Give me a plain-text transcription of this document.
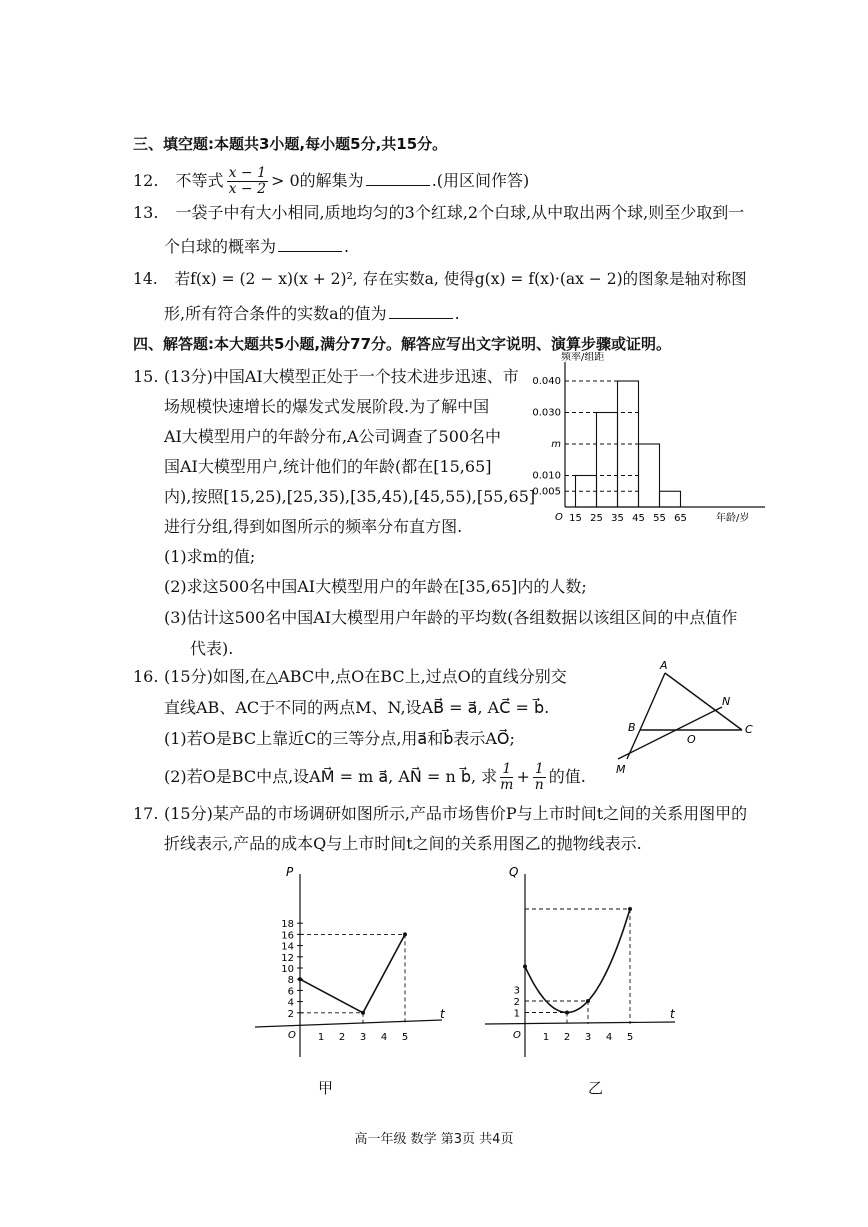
三、填空题:本题共3小题,每小题5分,共15分。
12. 不等式 $\frac{x - 1}{x - 2} > 0$的解集为	.(用区间作答)
13. 一袋子中有大小相同,质地均匀的3个红球,2个白球,从中取出两个球,则至少取到一
个白球的概率为	.
14. 若f(x) = (2 − x)(x + 2)², 存在实数a, 使得g(x) = f(x)·(ax − 2)的图象是轴对称图
形,所有符合条件的实数a的值为	.
四、解答题:本大题共5小题,满分77分。解答应写出文字说明、演算步骤或证明。
15. (13分)中国AI大模型正处于一个技术进步迅速、市
场规模快速增长的爆发式发展阶段.为了解中国
AI大模型用户的年龄分布,A公司调查了500名中
国AI大模型用户,统计他们的年龄(都在[15,65]
内),按照[15,25),[25,35),[35,45),[45,55),[55,65]
进行分组,得到如图所示的频率分布直方图.
(1)求m的值;
(2)求这500名中国AI大模型用户的年龄在[35,65]内的人数;
(3)估计这500名中国AI大模型用户年龄的平均数(各组数据以该组区间的中点值作
代表).
频率/组距
年龄/岁
O
0.005
0.010
m
0.030
0.040
15 25 35 45 55 65
16. (15分)如图,在△ABC中,点O在BC上,过点O的直线分别交
直线AB、AC于不同的两点M、N,设AB⃗ = a⃗, AC⃗ = b⃗.
(1)若O是BC上靠近C的三等分点,用a⃗和b⃗表示AO⃗;
(2)若O是BC中点,设AM⃗ = m a⃗, AN⃗ = n b⃗, 求 $\frac{1}{m} + \frac{1}{n}$ 的值.
A
B	C
M
N
O
17. (15分)某产品的市场调研如图所示,产品市场售价P与上市时间t之间的关系用图甲的
折线表示,产品的成本Q与上市时间t之间的关系用图乙的抛物线表示.
P
t
O
2
4
6
8
10
12
14
16
18
1 2 3 4 5
Q
t
O
1
2
3
1 2 3 4 5
甲	乙
高一年级 数学 第3页 共4页
